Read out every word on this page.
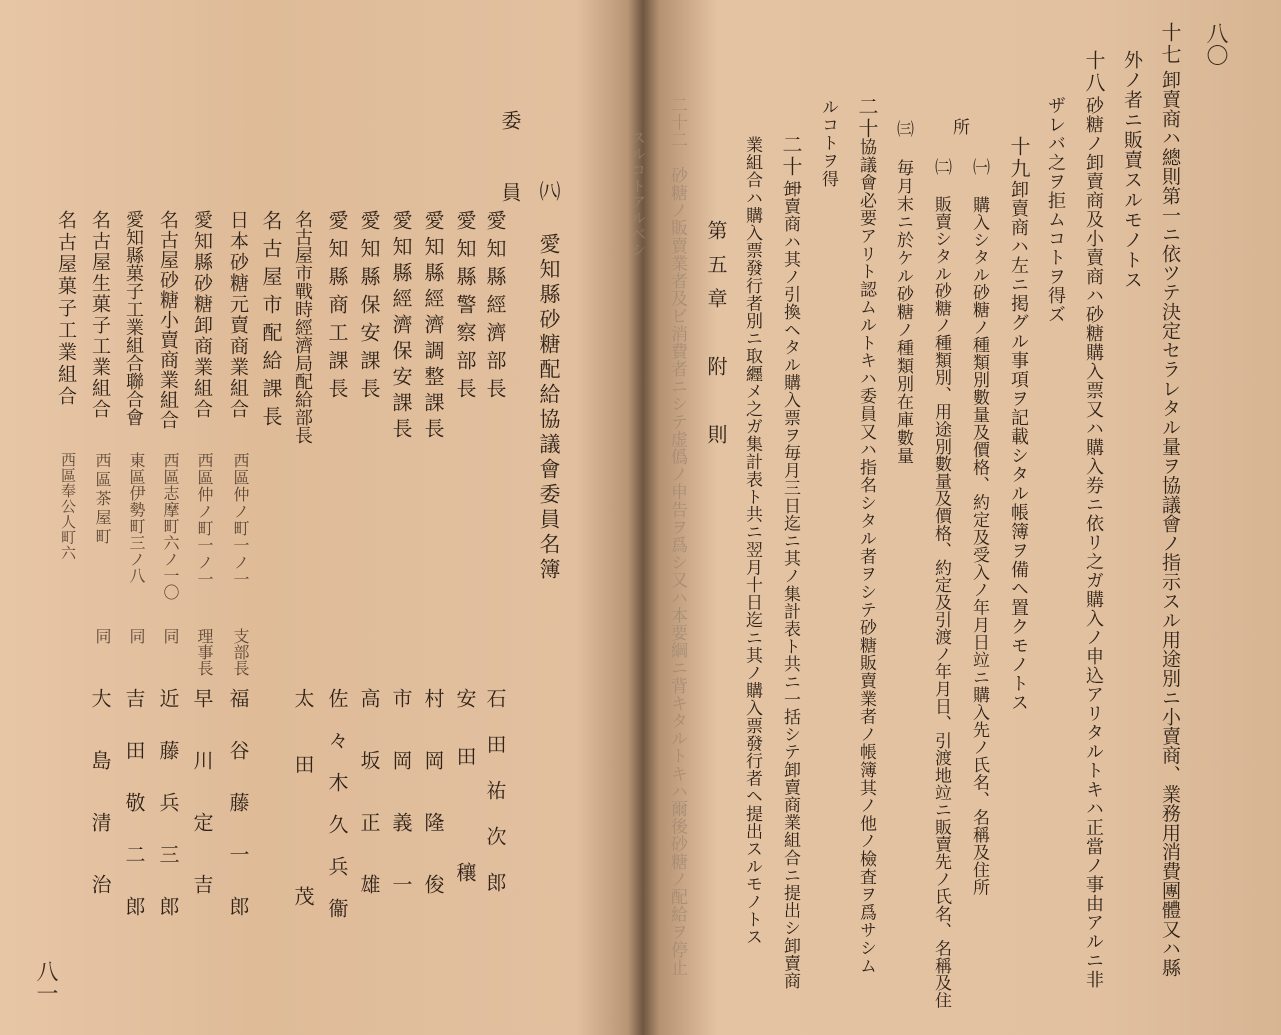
八〇
十七
卸賣商ハ總則第一ニ依ツテ決定セラレタル量ヲ協議會ノ指示スル用途別ニ小賣商、業務用消費團體又ハ縣
外ノ者ニ販賣スルモノトス
十八
砂糖ノ卸賣商及小賣商ハ砂糖購入票又ハ購入券ニ依リ之ガ購入ノ申込アリタルトキハ正當ノ事由アルニ非
ザレバ之ヲ拒ムコトヲ得ズ
十九
卸賣商ハ左ニ掲グル事項ヲ記載シタル帳簿ヲ備ヘ置クモノトス
㈠ 購入シタル砂糖ノ種類別數量及價格、約定及受入ノ年月日竝ニ購入先ノ氏名、名稱及住所
所
㈡ 販賣シタル砂糖ノ種類別、用途別數量及價格、約定及引渡ノ年月日、引渡地竝ニ販賣先ノ氏名、名稱及住
㈢ 毎月末ニ於ケル砂糖ノ種類別在庫數量
二十
協議會必要アリト認ムルトキハ委員又ハ指名シタル者ヲシテ砂糖販賣業者ノ帳簿其ノ他ノ檢査ヲ爲サシム
ルコトヲ得
二十一
卸賣商ハ其ノ引換ヘタル購入票ヲ毎月三日迄ニ其ノ集計表ト共ニ一括シテ卸賣商業組合ニ提出シ卸賣商
業組合ハ購入票發行者別ニ取纒メ之ガ集計表ト共ニ翌月十日迄ニ其ノ購入票發行者ヘ提出スルモノトス
第五章　附　則
二十二　砂糖ノ販賣業者及ビ消費者ニシテ虚僞ノ申告ヲ爲シ又ハ本要綱ニ背キタルトキハ爾後砂糖ノ配給ヲ停止
スルコトアルベシ
八一
㈧ 愛知縣砂糖配給協議會委員名簿
委　員
愛知縣經濟部長
愛知縣警察部長
愛知縣經濟調整課長
愛知縣經濟保安課長
愛知縣保安課長
愛知縣商工課長
名古屋市戰時經濟局配給部長
名古屋市配給課長
日本砂糖元賣商業組合
愛知縣砂糖卸商業組合
名古屋砂糖小賣商業組合
愛知縣菓子工業組合聯合會
名古屋生菓子工業組合
名古屋菓子工業組合
西區仲ノ町一ノ一
西區仲ノ町一ノ一
西區志摩町六ノ一〇
東區伊勢町三ノ八
西區茶屋町
西區奉公人町六
支部長
理事長
同
同
同
石田祐次郎
安田　穰
村岡隆俊
市岡義一
高坂正雄
佐々木久兵衞
太田　茂
福谷藤一郎
早川定吉
近藤兵三郎
吉田敬二郎
大島清治
